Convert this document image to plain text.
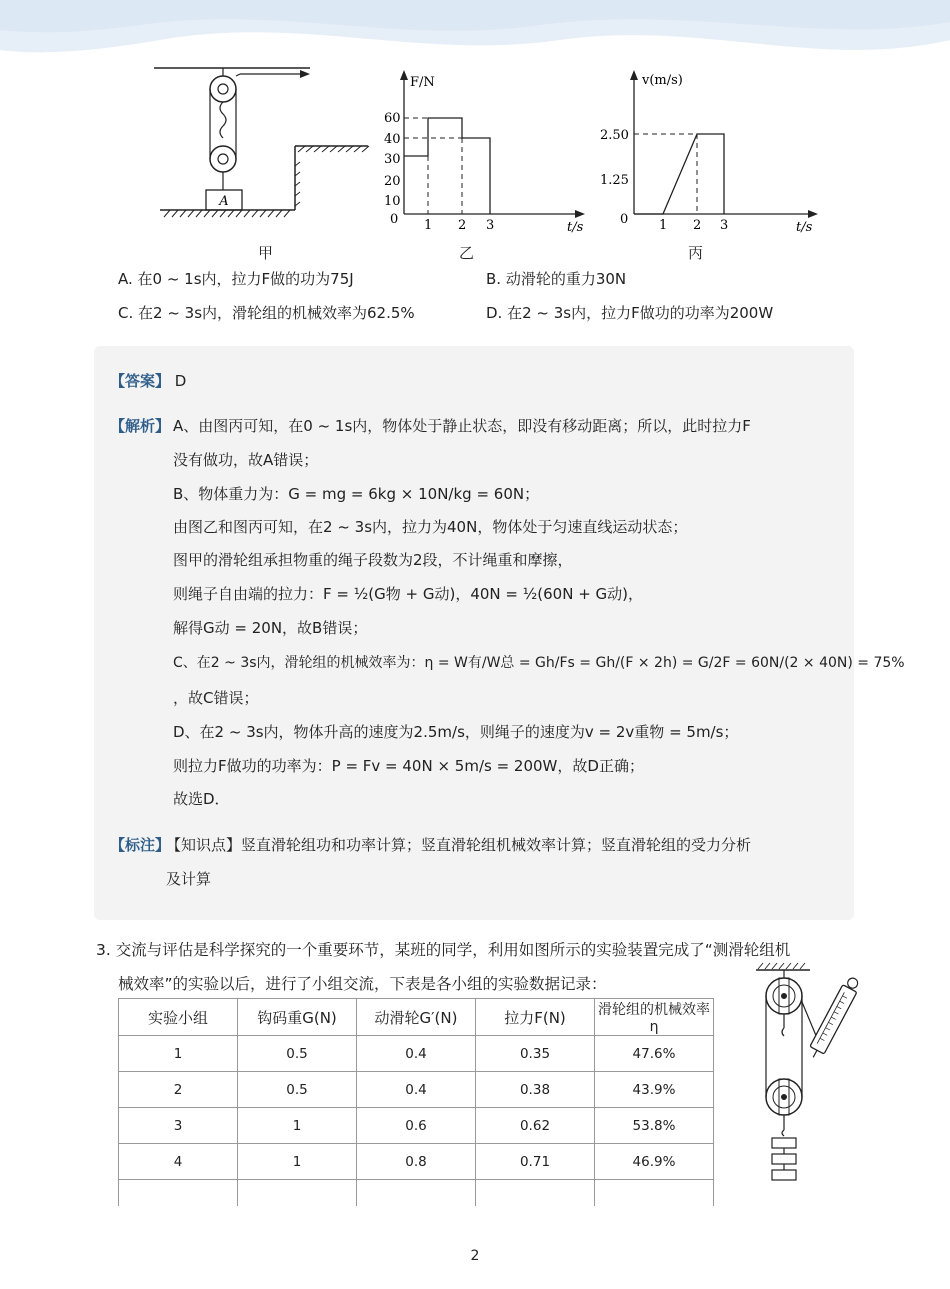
A
甲
F/N
t/s
0
60
40
30
20
10
1 2 3
乙
v(m/s)
t/s
0
2.50
1.25
1 2 3
丙
A. 在0 ~ 1s内，拉力F做的功为75J	B. 动滑轮的重力30N
C. 在2 ~ 3s内，滑轮组的机械效率为62.5%	D. 在2 ~ 3s内，拉力F做功的功率为200W
【答案】 D
【解析】 A、由图丙可知，在0 ~ 1s内，物体处于静止状态，即没有移动距离；所以，此时拉力F
没有做功，故A错误；
B、物体重力为：G = mg = 6kg × 10N/kg = 60N；
由图乙和图丙可知，在2 ~ 3s内，拉力为40N，物体处于匀速直线运动状态；
图甲的滑轮组承担物重的绳子段数为2段，不计绳重和摩擦，
则绳子自由端的拉力：F = ½(G物 + G动)，40N = ½(60N + G动)，
解得G动 = 20N，故B错误；
C、在2 ~ 3s内，滑轮组的机械效率为：η = W有/W总 = Gh/Fs = Gh/(F × 2h) = G/2F = 60N/(2 × 40N) = 75%
，故C错误；
D、在2 ~ 3s内，物体升高的速度为2.5m/s，则绳子的速度为v = 2v重物 = 5m/s；
则拉力F做功的功率为：P = Fv = 40N × 5m/s = 200W，故D正确；
故选D．
【标注】
【知识点】竖直滑轮组功和功率计算；竖直滑轮组机械效率计算；竖直滑轮组的受力分析
及计算
3. 交流与评估是科学探究的一个重要环节，某班的同学，利用如图所示的实验装置完成了“测滑轮组机
械效率”的实验以后，进行了小组交流，下表是各小组的实验数据记录：
实验小组	钩码重G(N)	动滑轮G′(N)	拉力F(N)	滑轮组的机械效率η
1	0.5	0.4	0.35	47.6%
2	0.5	0.4	0.38	43.9%
3	1	0.6	0.62	53.8%
4	1	0.8	0.71	46.9%

2
